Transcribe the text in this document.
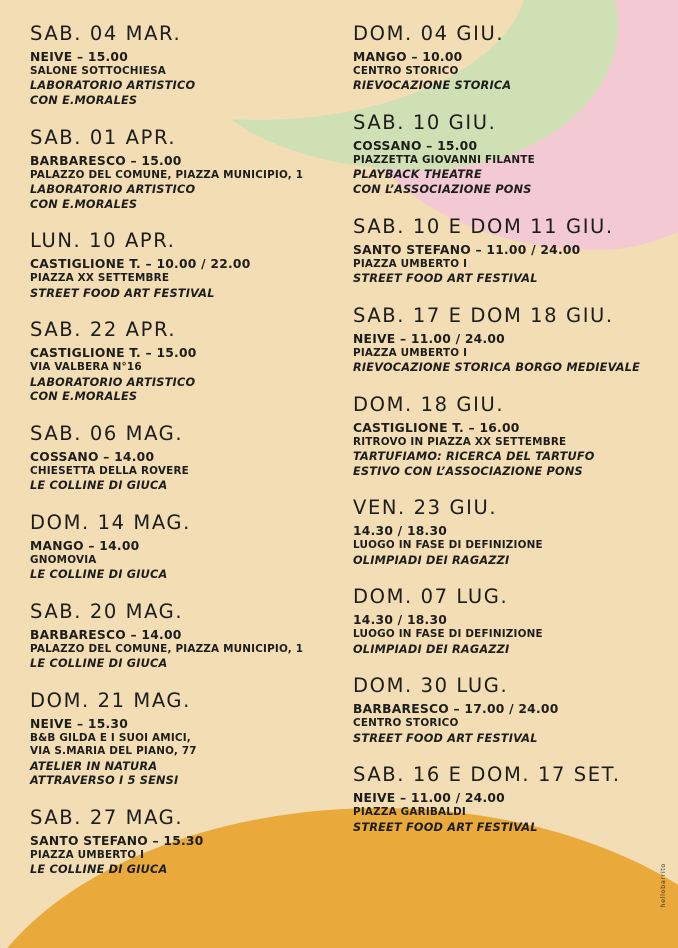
SAB. 04 MAR.
NEIVE – 15.00
SALONE SOTTOCHIESA
LABORATORIO ARTISTICO
CON E.MORALES
SAB. 01 APR.
BARBARESCO – 15.00
PALAZZO DEL COMUNE, PIAZZA MUNICIPIO, 1
LABORATORIO ARTISTICO
CON E.MORALES
LUN. 10 APR.
CASTIGLIONE T. – 10.00 / 22.00
PIAZZA XX SETTEMBRE
STREET FOOD ART FESTIVAL
SAB. 22 APR.
CASTIGLIONE T. – 15.00
VIA VALBERA N°16
LABORATORIO ARTISTICO
CON E.MORALES
SAB. 06 MAG.
COSSANO – 14.00
CHIESETTA DELLA ROVERE
LE COLLINE DI GIUCA
DOM. 14 MAG.
MANGO – 14.00
GNOMOVIA
LE COLLINE DI GIUCA
SAB. 20 MAG.
BARBARESCO – 14.00
PALAZZO DEL COMUNE, PIAZZA MUNICIPIO, 1
LE COLLINE DI GIUCA
DOM. 21 MAG.
NEIVE – 15.30
B&B GILDA E I SUOI AMICI,
VIA S.MARIA DEL PIANO, 77
ATELIER IN NATURA
ATTRAVERSO I 5 SENSI
SAB. 27 MAG.
SANTO STEFANO – 15.30
PIAZZA UMBERTO I
LE COLLINE DI GIUCA
DOM. 04 GIU.
MANGO – 10.00
CENTRO STORICO
RIEVOCAZIONE STORICA
SAB. 10 GIU.
COSSANO – 15.00
PIAZZETTA GIOVANNI FILANTE
PLAYBACK THEATRE
CON L’ASSOCIAZIONE PONS
SAB. 10 E DOM 11 GIU.
SANTO STEFANO – 11.00 / 24.00
PIAZZA UMBERTO I
STREET FOOD ART FESTIVAL
SAB. 17 E DOM 18 GIU.
NEIVE – 11.00 / 24.00
PIAZZA UMBERTO I
RIEVOCAZIONE STORICA BORGO MEDIEVALE
DOM. 18 GIU.
CASTIGLIONE T. – 16.00
RITROVO IN PIAZZA XX SETTEMBRE
TARTUFIAMO: RICERCA DEL TARTUFO
ESTIVO CON L’ASSOCIAZIONE PONS
VEN. 23 GIU.
14.30 / 18.30
LUOGO IN FASE DI DEFINIZIONE
OLIMPIADI DEI RAGAZZI
DOM. 07 LUG.
14.30 / 18.30
LUOGO IN FASE DI DEFINIZIONE
OLIMPIADI DEI RAGAZZI
DOM. 30 LUG.
BARBARESCO – 17.00 / 24.00
CENTRO STORICO
STREET FOOD ART FESTIVAL
SAB. 16 E DOM. 17 SET.
NEIVE – 11.00 / 24.00
PIAZZA GARIBALDI
STREET FOOD ART FESTIVAL
hellobarrito
